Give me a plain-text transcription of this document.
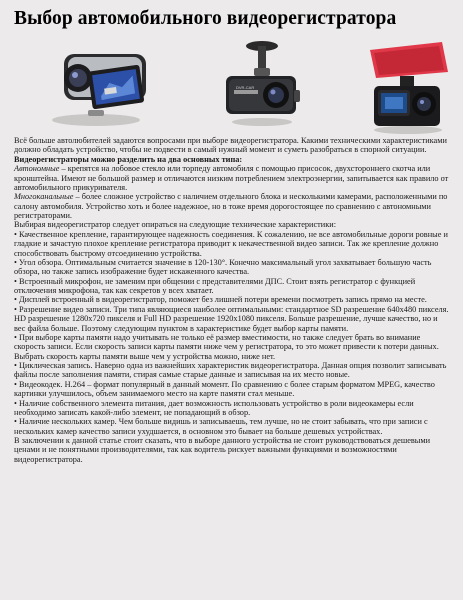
Выбор автомобильного видеорегистратора
DVR-CAR

Всё больше автолюбителей задаются вопросами при выборе видеорегистратора. Какими техническими характеристиками должно обладать устройство, чтобы не подвести в самый нужный момент и суметь разобраться в спорной ситуации.

Видеорегистраторы можно разделить на два основных типа:

Автономные – крепятся на лобовое стекло или торпеду автомобиля с помощью присосок, двухстороннего скотча или кронштейна. Имеют не большой размер и отличаются низким потреблением электроэнергии, запитывается как правило от автомобильного прикуривателя.

Многоканальные – более сложное устройство с наличием отдельного блока и несколькими камерами, расположенными по салону автомобиля. Устройство хоть и более надежное, но в тоже время дорогостоящее по сравнению с автономными регистраторами.

Выбирая видеорегистратор следует опираться на следующие технические характеристики:

• Качественное крепление, гарантирующее надежность соединения. К сожалению, не все автомобильные дороги ровные и гладкие и зачастую плохое крепление регистратора приводит к некачественной видео записи. Так же крепление должно способствовать быстрому отсоединению устройства.

• Угол обзора. Оптимальным считается значение в 120-130°. Конечно максимальный угол захватывает большую часть обзора, но также запись изображение будет искаженного качества.

• Встроенный микрофон, не заменим при общении с представителями ДПС. Стоит взять регистратор с функцией отключения микрофона, так как секретов у всех хватает.

• Дисплей встроенный в видеорегистратор, поможет без лишней потери времени посмотреть запись прямо на месте.

• Разрешение видео записи. Три типа являющиеся наиболее оптимальными: стандартное SD разрешение 640x480 пикселя. HD разрешение 1280x720 пикселя и Full HD разрешение 1920x1080 пикселя. Больше разрешение, лучше качество, но и вес файла больше. Поэтому следующим пунктом в характеристике будет выбор карты памяти.

• При выборе карты памяти надо учитывать не только её размер вместимости, но также следует брать во внимание скорость записи. Если скорость записи карты памяти ниже чем у регистратора, то это может привести к потери данных. Выбрать скорость карты памяти выше чем у устройства можно, ниже нет.

• Циклическая запись. Наверно одна из важнейших характеристик видеорегистратора. Данная опция позволит записывать файлы после заполнения памяти, стирая самые старые данные и записывая на их место новые.

• Видеокодек. H.264 – формат популярный в данный момент. По сравнению с более старым форматом MPEG, качество картинки улучшилось, объем занимаемого место на карте памяти стал меньше.

• Наличие собственного элемента питания, дает возможность использовать устройство в роли видеокамеры если необходимо записать какой-либо элемент, не попадающий в обзор.

• Наличие нескольких камер. Чем больше видишь и записываешь, тем лучше, но не стоит забывать, что при записи с нескольких камер качество записи ухудшается, в основном это бывает на больше дешевых устройствах.

В заключении к данной статье стоит сказать, что в выборе данного устройства не стоит руководствоваться дешевыми ценами и не понятными производителями, так как водитель рискует важными функциями и возможностями видеорегистратора.
